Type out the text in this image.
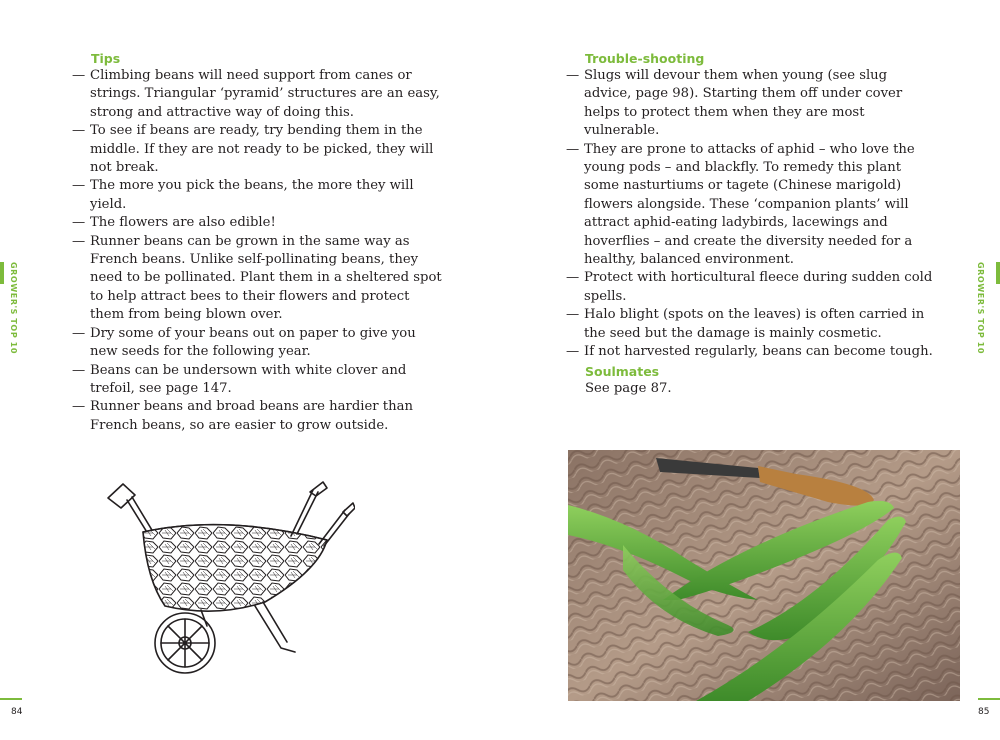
GROWER'S TOP 10
Tips
— Climbing beans will need support from canes or strings. Triangular ‘pyramid’ structures are an easy, strong and attractive way of doing this.
— To see if beans are ready, try bending them in the middle. If they are not ready to be picked, they will not break.
— The more you pick the beans, the more they will yield.
— The flowers are also edible!
— Runner beans can be grown in the same way as French beans. Unlike self-pollinating beans, they need to be pollinated. Plant them in a sheltered spot to help attract bees to their flowers and protect them from being blown over.
— Dry some of your beans out on paper to give you new seeds for the following year.
— Beans can be undersown with white clover and trefoil, see page 147.
— Runner beans and broad beans are hardier than French beans, so are easier to grow outside.
84
GROWER'S TOP 10
Trouble-shooting
— Slugs will devour them when young (see slug advice, page 98). Starting them off under cover helps to protect them when they are most vulnerable.
— They are prone to attacks of aphid – who love the young pods – and blackfly. To remedy this plant some nasturtiums or tagete (Chinese marigold) flowers alongside. These ‘companion plants’ will attract aphid-eating ladybirds, lacewings and hoverflies – and create the diversity needed for a healthy, balanced environment.
— Protect with horticultural fleece during sudden cold spells.
— Halo blight (spots on the leaves) is often carried in the seed but the damage is mainly cosmetic.
— If not harvested regularly, beans can become tough.
Soulmates
See page 87.
85
